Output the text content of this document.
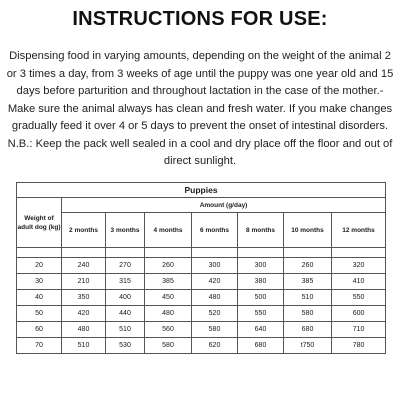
INSTRUCTIONS FOR USE:

Dispensing food in varying amounts, depending on the weight of the animal 2 or 3 times a day, from 3 weeks of age until the puppy was one year old and 15 days before parturition and throughout lactation in the case of the mother.-

Make sure the animal always has clean and fresh water. If you make changes gradually feed it over 4 or 5 days to prevent the onset of intestinal disorders.

N.B.: Keep the pack well sealed in a cool and dry place off the floor and out of direct sunlight.

Puppies							
Weight of adult dog (kg)	Amount (g/day)						
	2 months	3 months	4 months	6 months	8 months	10 months	12 months

20	240	270	260	300	300	260	320
30	210	315	385	420	380	385	410
40	350	400	450	480	500	510	550
50	420	440	480	520	550	580	600
60	480	510	560	580	640	680	710
70	510	530	580	620	680	t750	780
